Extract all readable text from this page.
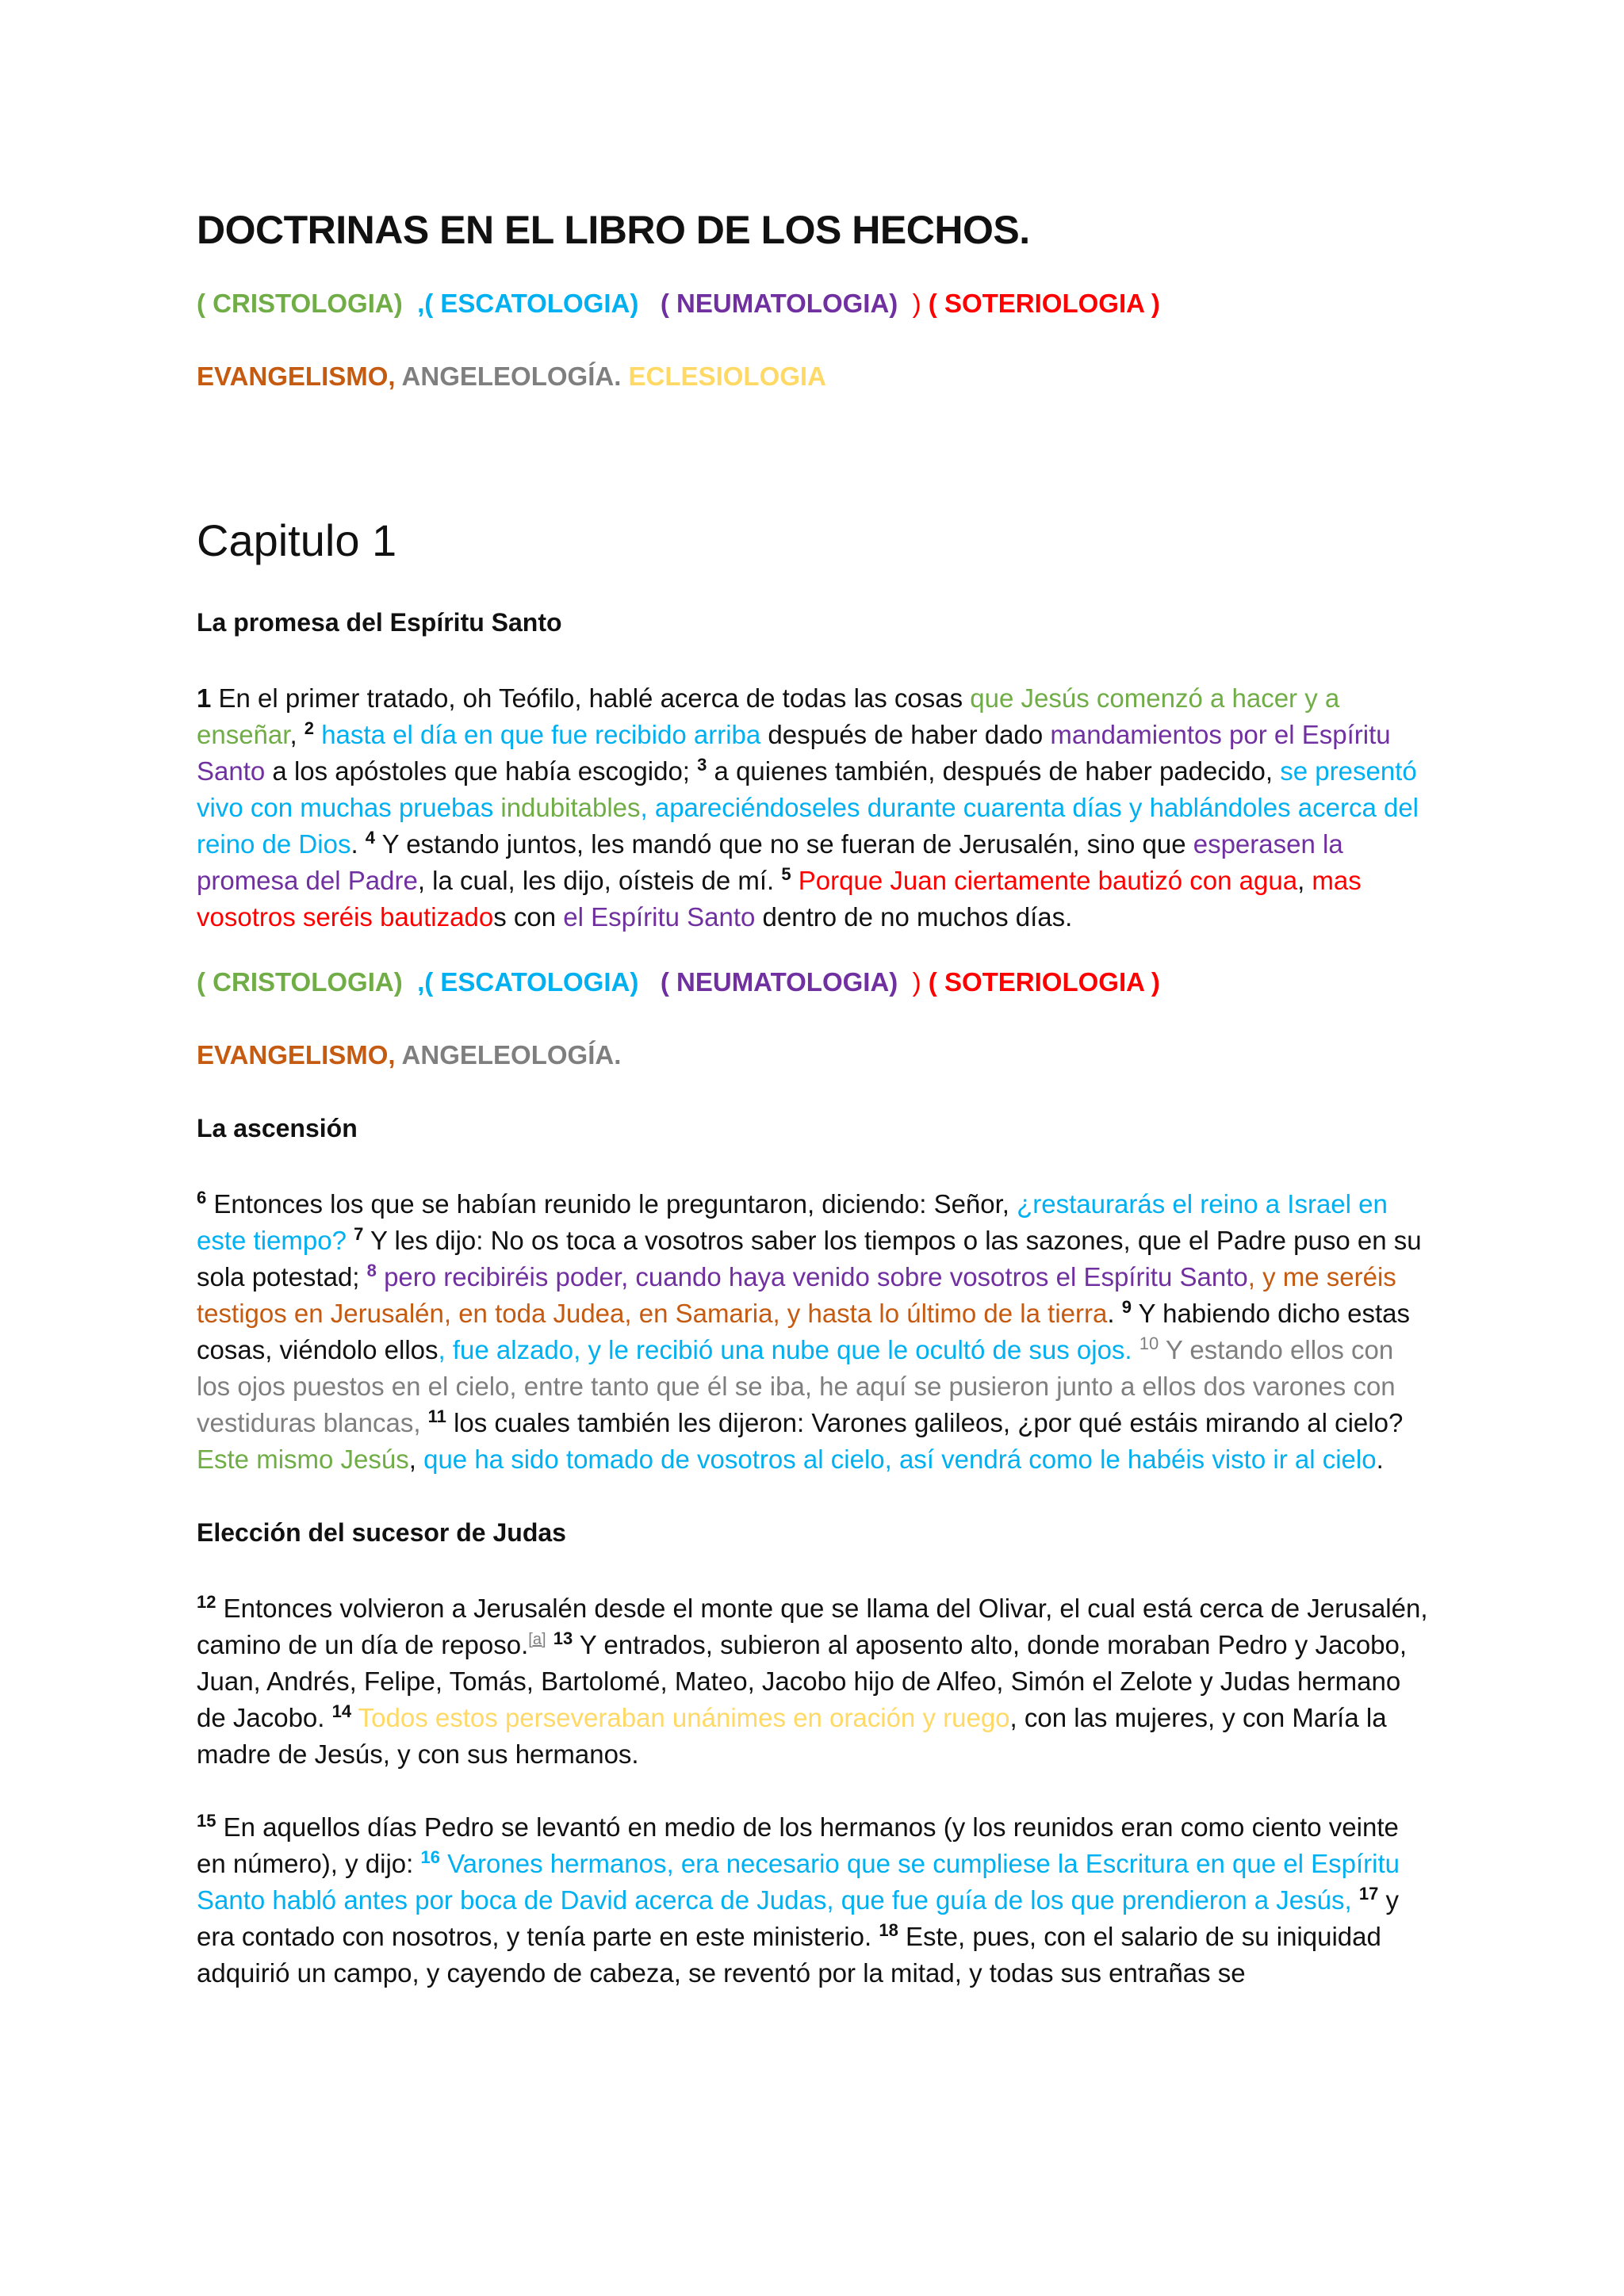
DOCTRINAS EN EL LIBRO DE LOS HECHOS.

( CRISTOLOGIA) ,( ESCATOLOGIA) ( NEUMATOLOGIA) ) ( SOTERIOLOGIA )

EVANGELISMO, ANGELEOLOGÍA. ECLESIOLOGIA

Capitulo 1
La promesa del Espíritu Santo

1 En el primer tratado, oh Teófilo, hablé acerca de todas las cosas que Jesús comenzó a hacer y a enseñar, $^2$ hasta el día en que fue recibido arriba después de haber dado mandamientos por el Espíritu Santo a los apóstoles que había escogido; $^3$ a quienes también, después de haber padecido, se presentó vivo con muchas pruebas indubitables, apareciéndoseles durante cuarenta días y hablándoles acerca del reino de Dios. $^4$ Y estando juntos, les mandó que no se fueran de Jerusalén, sino que esperasen la promesa del Padre, la cual, les dijo, oísteis de mí. $^5$ Porque Juan ciertamente bautizó con agua, mas vosotros seréis bautizados con el Espíritu Santo dentro de no muchos días.

( CRISTOLOGIA) ,( ESCATOLOGIA) ( NEUMATOLOGIA) ) ( SOTERIOLOGIA )

EVANGELISMO, ANGELEOLOGÍA.

La ascensión

$^6$ Entonces los que se habían reunido le preguntaron, diciendo: Señor, ¿restaurarás el reino a Israel en este tiempo? $^7$ Y les dijo: No os toca a vosotros saber los tiempos o las sazones, que el Padre puso en su sola potestad; $^8$ pero recibiréis poder, cuando haya venido sobre vosotros el Espíritu Santo, y me seréis testigos en Jerusalén, en toda Judea, en Samaria, y hasta lo último de la tierra. $^9$ Y habiendo dicho estas cosas, viéndolo ellos, fue alzado, y le recibió una nube que le ocultó de sus ojos. $^{10}$ Y estando ellos con los ojos puestos en el cielo, entre tanto que él se iba, he aquí se pusieron junto a ellos dos varones con vestiduras blancas, $^{11}$ los cuales también les dijeron: Varones galileos, ¿por qué estáis mirando al cielo? Este mismo Jesús, que ha sido tomado de vosotros al cielo, así vendrá como le habéis visto ir al cielo.

Elección del sucesor de Judas

$^{12}$ Entonces volvieron a Jerusalén desde el monte que se llama del Olivar, el cual está cerca de Jerusalén, camino de un día de reposo.[a] $^{13}$ Y entrados, subieron al aposento alto, donde moraban Pedro y Jacobo, Juan, Andrés, Felipe, Tomás, Bartolomé, Mateo, Jacobo hijo de Alfeo, Simón el Zelote y Judas hermano de Jacobo. $^{14}$ Todos estos perseveraban unánimes en oración y ruego, con las mujeres, y con María la madre de Jesús, y con sus hermanos.

$^{15}$ En aquellos días Pedro se levantó en medio de los hermanos (y los reunidos eran como ciento veinte en número), y dijo: $^{16}$ Varones hermanos, era necesario que se cumpliese la Escritura en que el Espíritu Santo habló antes por boca de David acerca de Judas, que fue guía de los que prendieron a Jesús, $^{17}$ y era contado con nosotros, y tenía parte en este ministerio. $^{18}$ Este, pues, con el salario de su iniquidad adquirió un campo, y cayendo de cabeza, se reventó por la mitad, y todas sus entrañas se
